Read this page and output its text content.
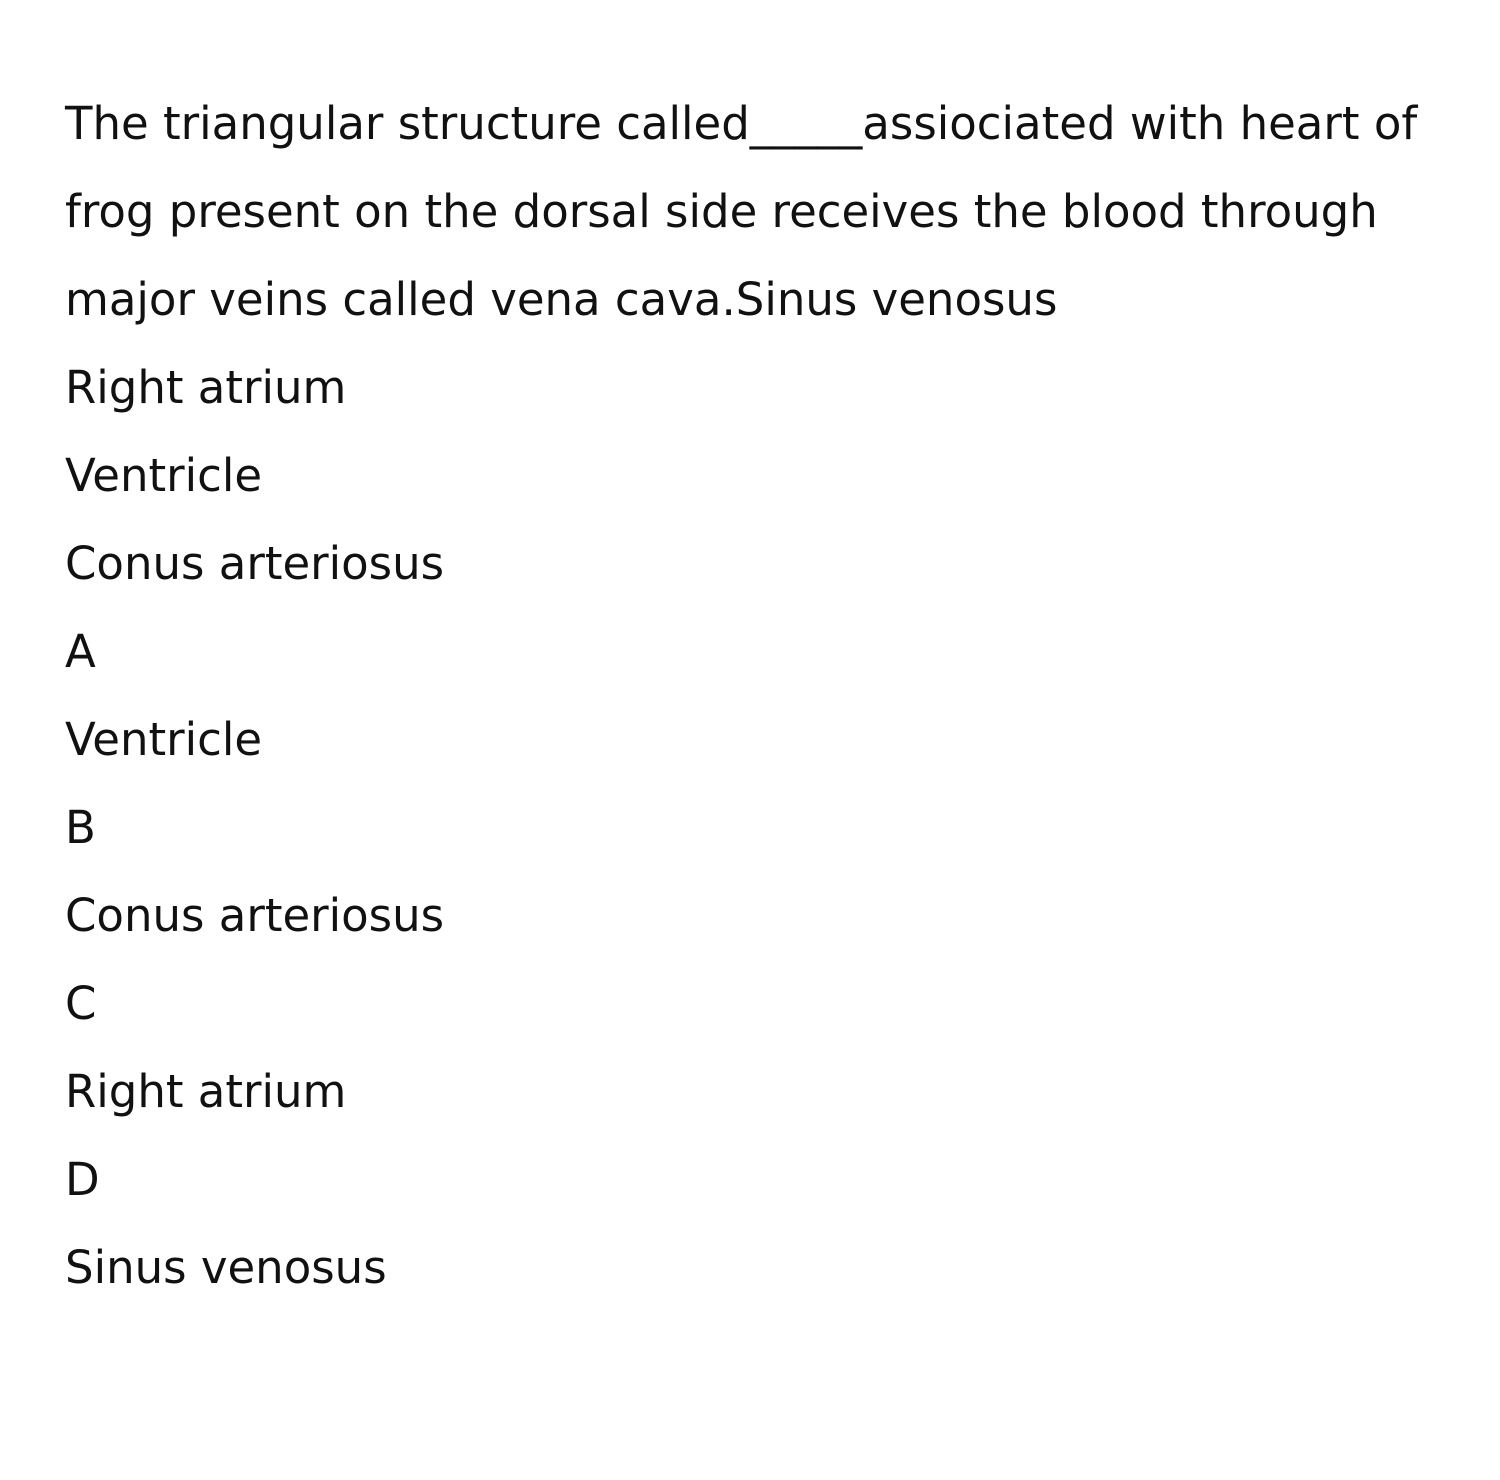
The triangular structure called_____assiociated with heart of frog present on the dorsal side receives the blood through major veins called vena cava.Sinus venosus

Right atrium
Ventricle
Conus arteriosus
A
Ventricle
B
Conus arteriosus
C
Right atrium
D
Sinus venosus
